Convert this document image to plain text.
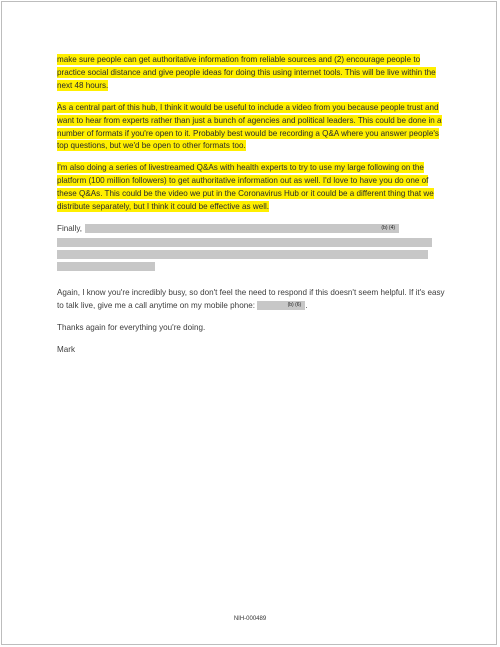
make sure people can get authoritative information from reliable sources and (2) encourage people to practice social distance and give people ideas for doing this using internet tools. This will be live within the next 48 hours.

As a central part of this hub, I think it would be useful to include a video from you because people trust and want to hear from experts rather than just a bunch of agencies and political leaders. This could be done in a number of formats if you're open to it. Probably best would be recording a Q&A where you answer people's top questions, but we'd be open to other formats too.

I'm also doing a series of livestreamed Q&As with health experts to try to use my large following on the platform (100 million followers) to get authoritative information out as well. I'd love to have you do one of these Q&As. This could be the video we put in the Coronavirus Hub or it could be a different thing that we distribute separately, but I think it could be effective as well.

Finally,	(b) (4)

Again, I know you're incredibly busy, so don't feel the need to respond if this doesn't seem helpful. If it's easy to talk live, give me a call anytime on my mobile phone:	(b) (6) .

Thanks again for everything you're doing.

Mark

NIH-000489
